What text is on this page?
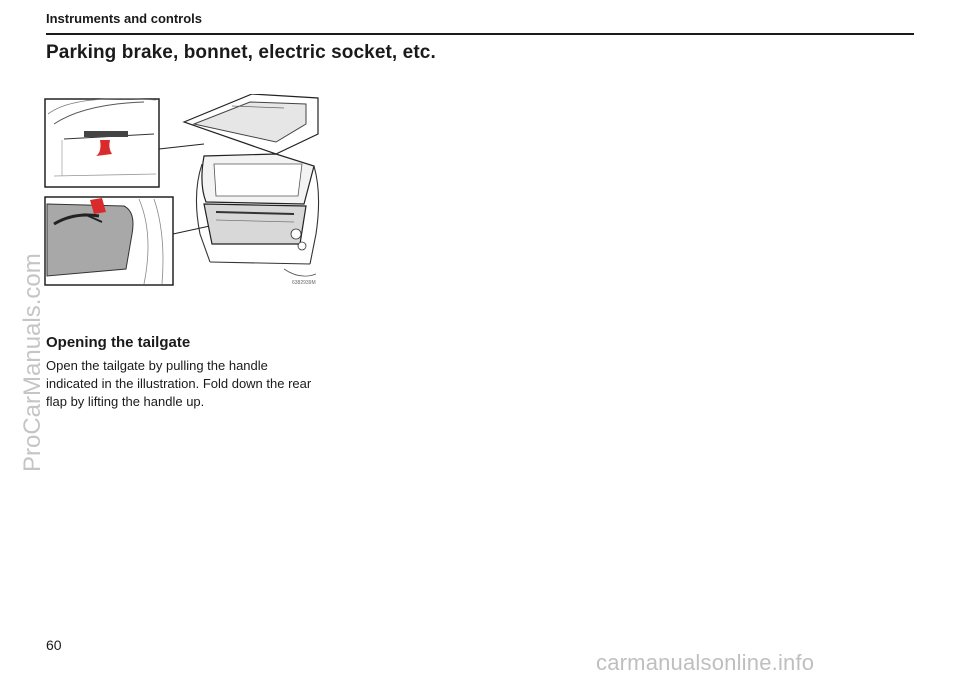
Instruments and controls
Parking brake, bonnet, electric socket, etc.
6382939M
Opening the tailgate
Open the tailgate by pulling the handle indicated in the illustration. Fold down the rear flap by lifting the handle up.
60
ProCarManuals.com
carmanualsonline.info
